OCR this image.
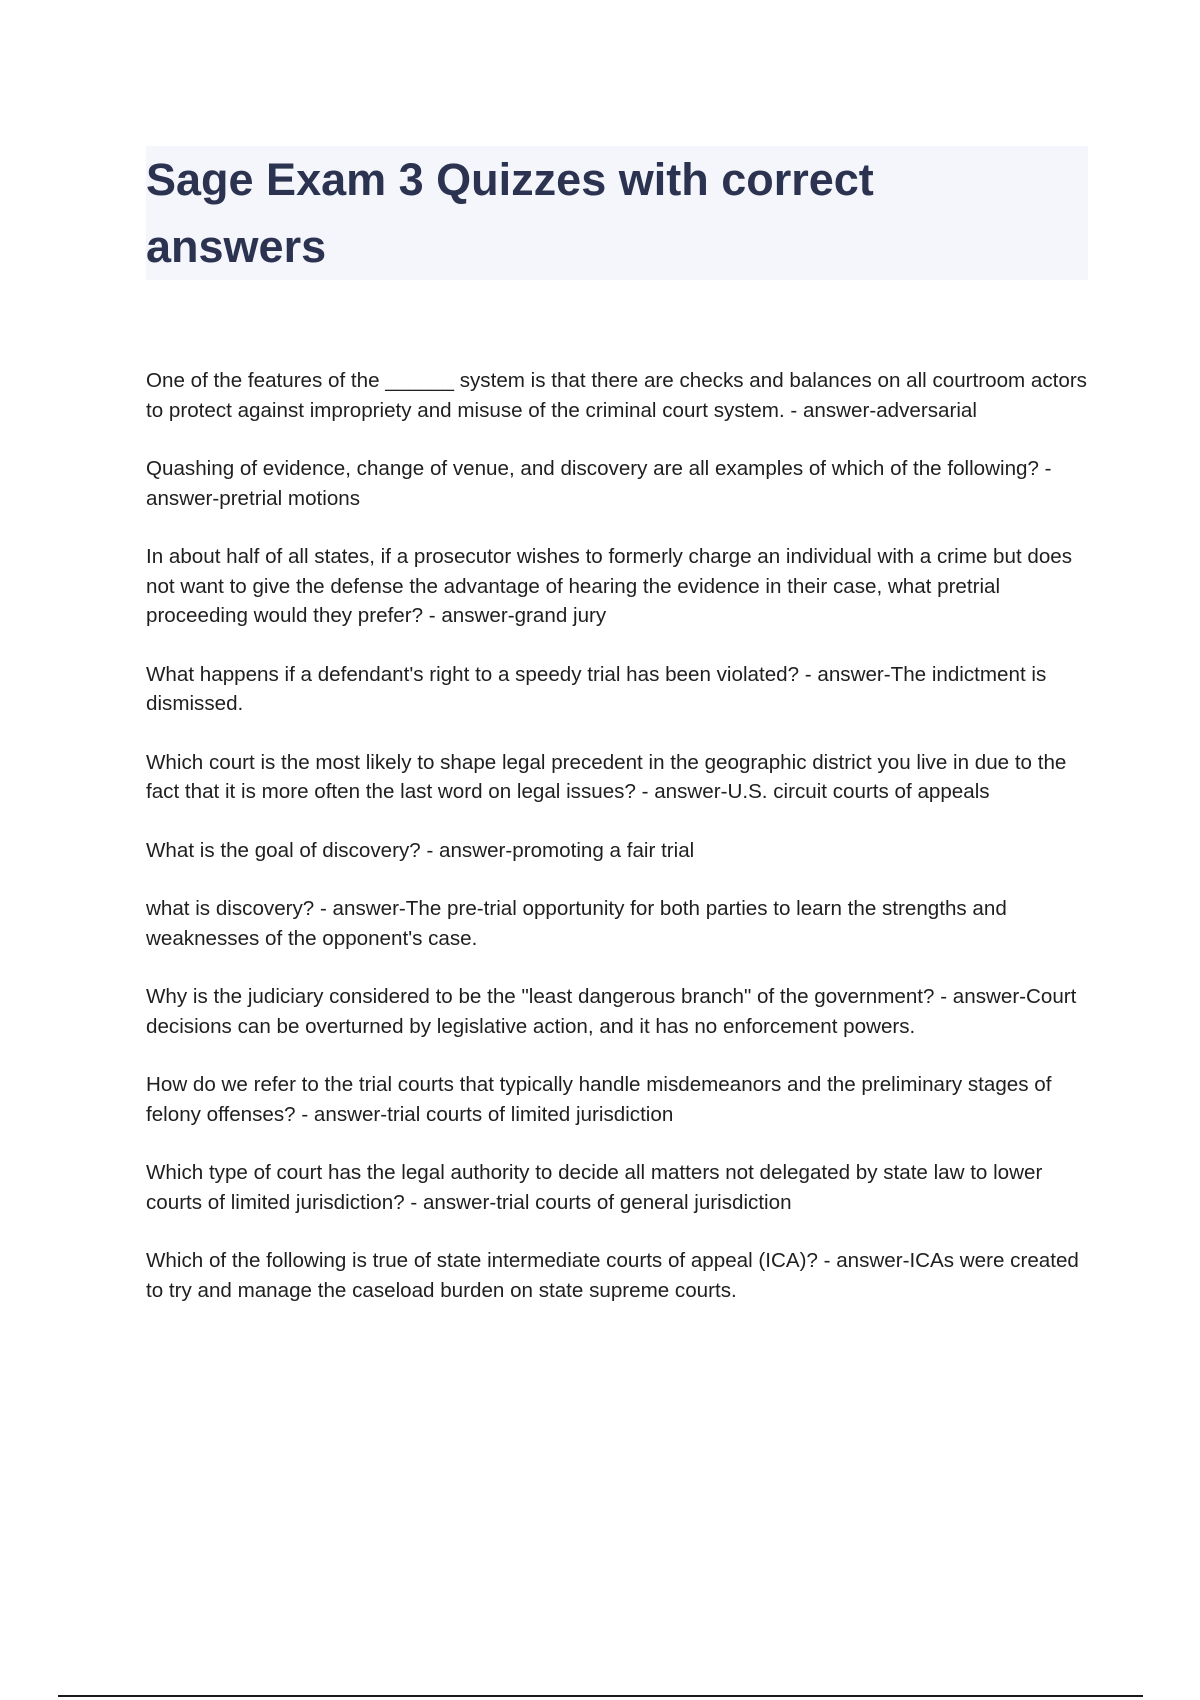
Sage Exam 3 Quizzes with correct answers

One of the features of the ______ system is that there are checks and balances on all courtroom actors to protect against impropriety and misuse of the criminal court system. - answer-adversarial

Quashing of evidence, change of venue, and discovery are all examples of which of the following? - answer-pretrial motions

In about half of all states, if a prosecutor wishes to formerly charge an individual with a crime but does not want to give the defense the advantage of hearing the evidence in their case, what pretrial proceeding would they prefer? - answer-grand jury

What happens if a defendant's right to a speedy trial has been violated? - answer-The indictment is dismissed.

Which court is the most likely to shape legal precedent in the geographic district you live in due to the fact that it is more often the last word on legal issues? - answer-U.S. circuit courts of appeals

What is the goal of discovery? - answer-promoting a fair trial

what is discovery? - answer-The pre-trial opportunity for both parties to learn the strengths and weaknesses of the opponent's case.

Why is the judiciary considered to be the "least dangerous branch" of the government? - answer-Court decisions can be overturned by legislative action, and it has no enforcement powers.

How do we refer to the trial courts that typically handle misdemeanors and the preliminary stages of felony offenses? - answer-trial courts of limited jurisdiction

Which type of court has the legal authority to decide all matters not delegated by state law to lower courts of limited jurisdiction? - answer-trial courts of general jurisdiction

Which of the following is true of state intermediate courts of appeal (ICA)? - answer-ICAs were created to try and manage the caseload burden on state supreme courts.
